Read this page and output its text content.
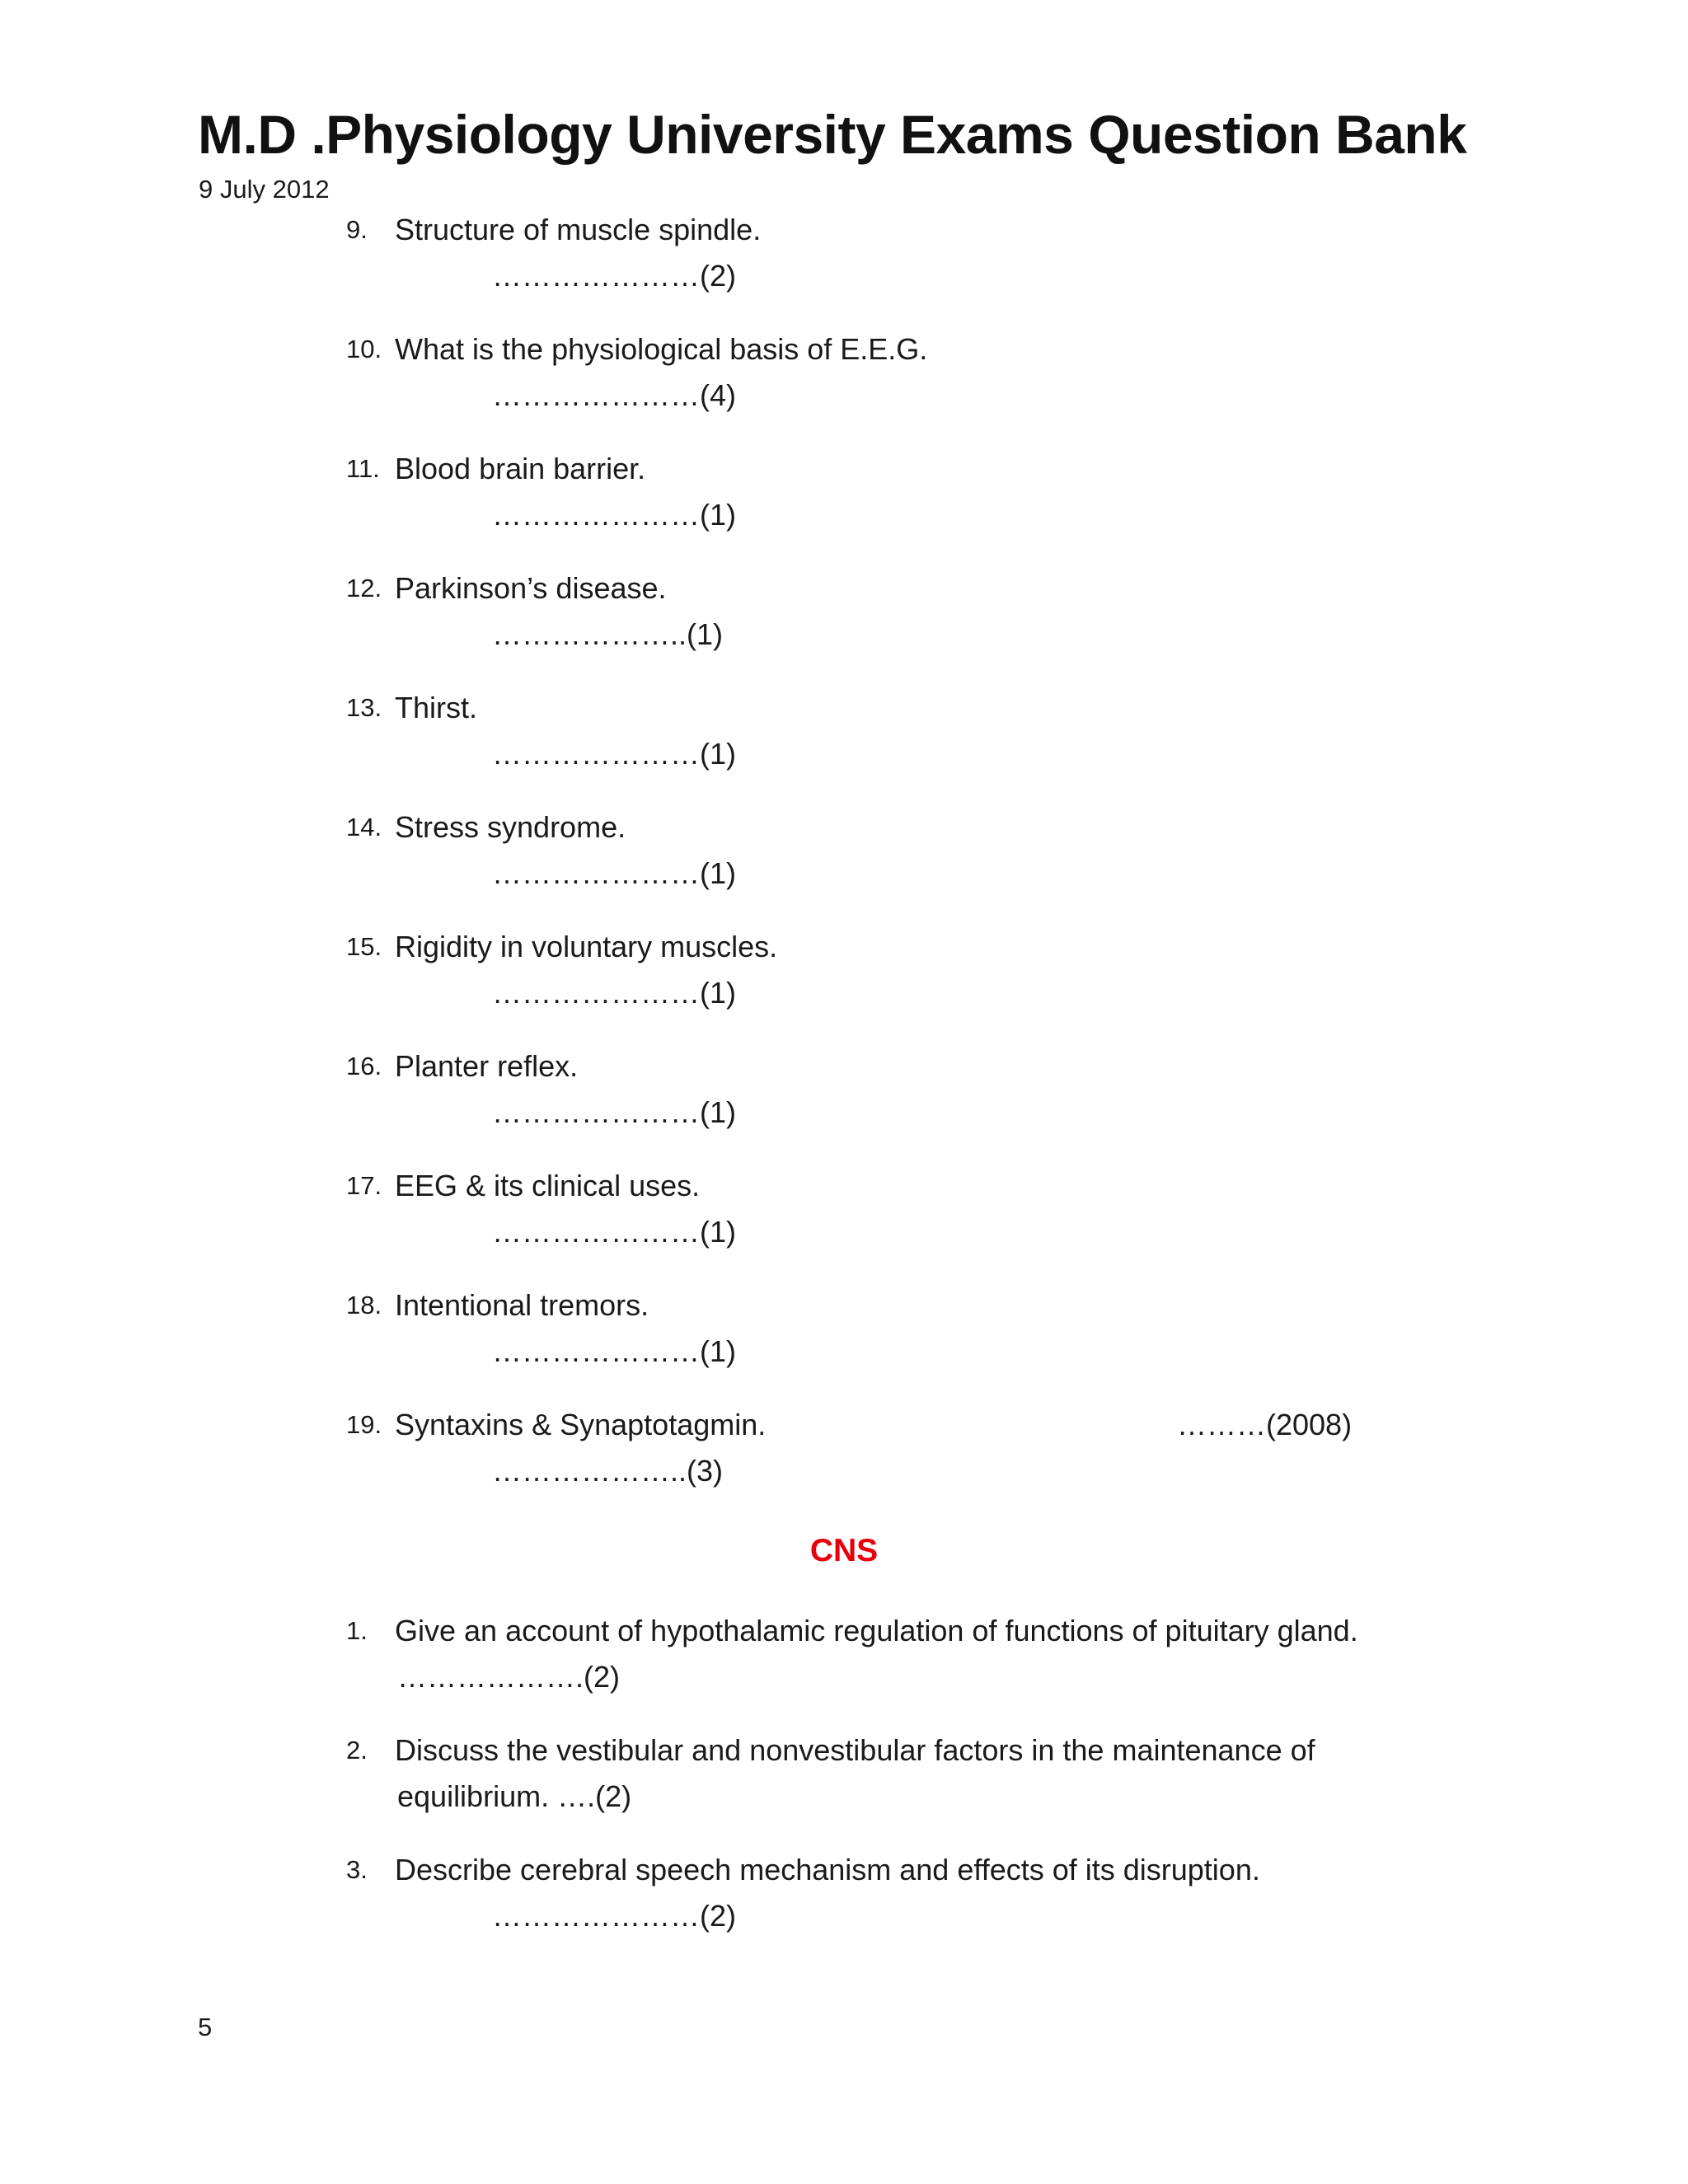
M.D .Physiology University Exams Question Bank
9 July 2012
9. Structure of muscle spindle.
…………………(2)
10. What is the physiological basis of E.E.G.
…………………(4)
11. Blood brain barrier.
…………………(1)
12. Parkinson’s disease.
………………..(1)
13. Thirst.
…………………(1)
14. Stress syndrome.
…………………(1)
15. Rigidity in voluntary muscles.
…………………(1)
16. Planter reflex.
…………………(1)
17. EEG & its clinical uses.
…………………(1)
18. Intentional tremors.
…………………(1)
19. Syntaxins & Synaptotagmin.	………(2008)
………………..(3)
CNS
1. Give an account of hypothalamic regulation of functions of pituitary gland.
……………….(2)
2. Discuss the vestibular and nonvestibular factors in the maintenance of
equilibrium. ….(2)
3. Describe cerebral speech mechanism and effects of its disruption.
…………………(2)
5
